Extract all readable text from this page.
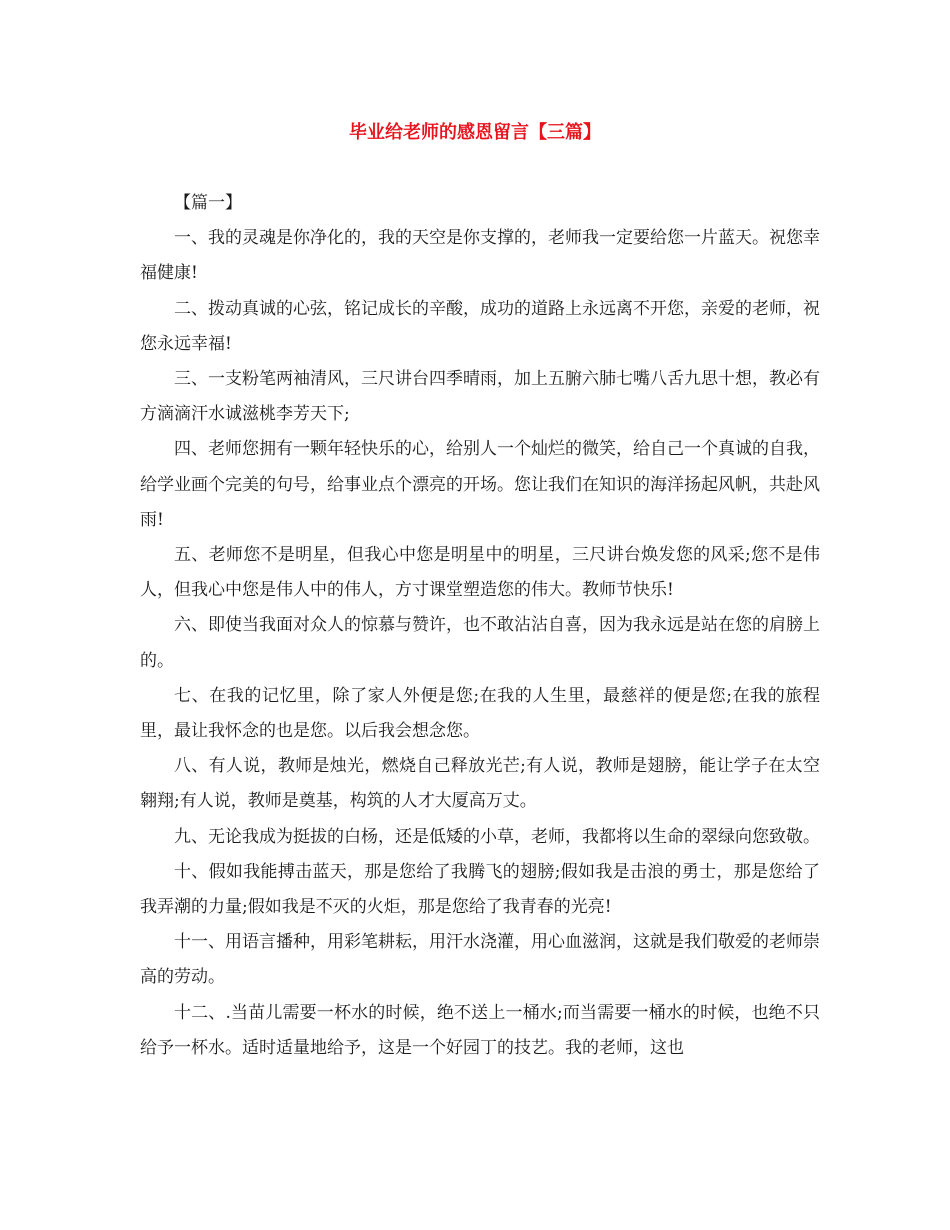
毕业给老师的感恩留言【三篇】

【篇一】

一、我的灵魂是你净化的，我的天空是你支撑的，老师我一定要给您一片蓝天。祝您幸福健康!

二、拨动真诚的心弦，铭记成长的辛酸，成功的道路上永远离不开您，亲爱的老师，祝您永远幸福!

三、一支粉笔两袖清风，三尺讲台四季晴雨，加上五腑六肺七嘴八舌九思十想，教必有方滴滴汗水诚滋桃李芳天下;

四、老师您拥有一颗年轻快乐的心，给别人一个灿烂的微笑，给自己一个真诚的自我，给学业画个完美的句号，给事业点个漂亮的开场。您让我们在知识的海洋扬起风帆，共赴风雨!

五、老师您不是明星，但我心中您是明星中的明星，三尺讲台焕发您的风采;您不是伟人，但我心中您是伟人中的伟人，方寸课堂塑造您的伟大。教师节快乐!

六、即使当我面对众人的惊慕与赞许，也不敢沾沾自喜，因为我永远是站在您的肩膀上的。

七、在我的记忆里，除了家人外便是您;在我的人生里，最慈祥的便是您;在我的旅程里，最让我怀念的也是您。以后我会想念您。

八、有人说，教师是烛光，燃烧自己释放光芒;有人说，教师是翅膀，能让学子在太空翱翔;有人说，教师是奠基，构筑的人才大厦高万丈。

九、无论我成为挺拔的白杨，还是低矮的小草，老师，我都将以生命的翠绿向您致敬。

十、假如我能搏击蓝天，那是您给了我腾飞的翅膀;假如我是击浪的勇士，那是您给了我弄潮的力量;假如我是不灭的火炬，那是您给了我青春的光亮!

十一、用语言播种，用彩笔耕耘，用汗水浇灌，用心血滋润，这就是我们敬爱的老师崇高的劳动。

十二、.当苗儿需要一杯水的时候，绝不送上一桶水;而当需要一桶水的时候，也绝不只给予一杯水。适时适量地给予，这是一个好园丁的技艺。我的老师，这也
